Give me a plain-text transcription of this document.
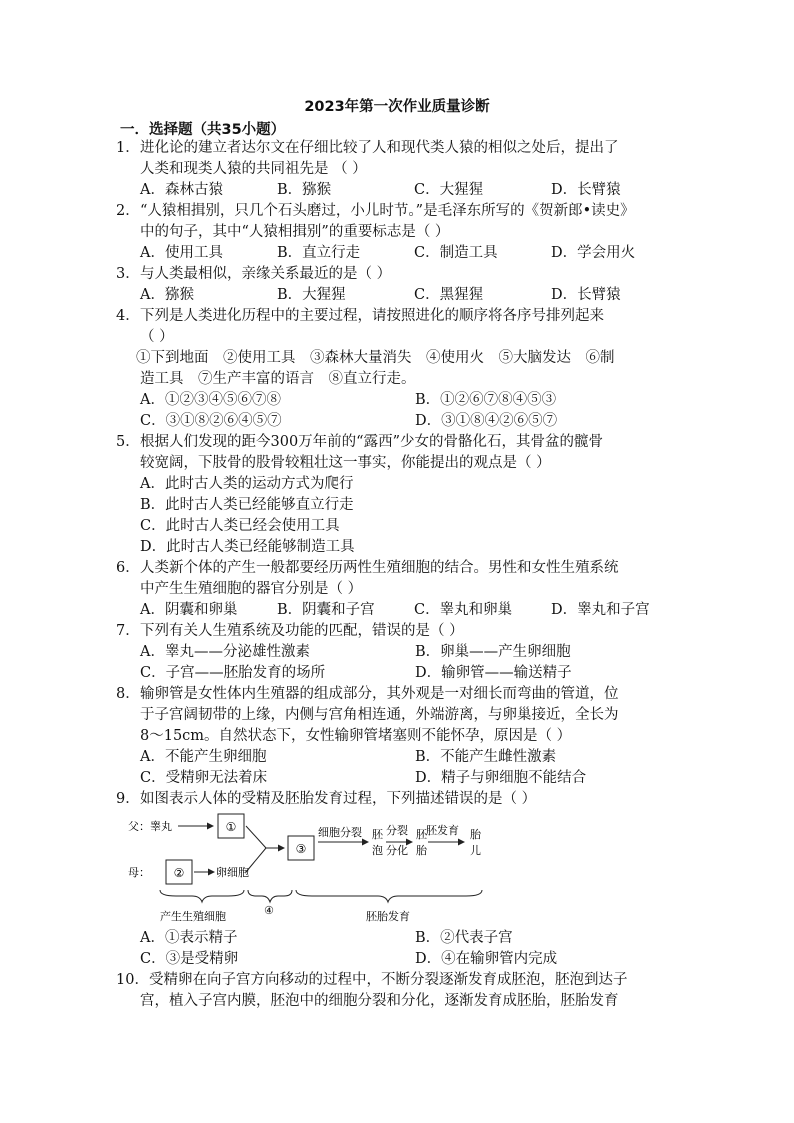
2023年第一次作业质量诊断
一．选择题（共35小题）
1． 进化论的建立者达尔文在仔细比较了人和现代类人猿的相似之处后，提出了
人类和现类人猿的共同祖先是 （ ）
A．森林古猿	B．猕猴	C．大猩猩	D．长臂猿
2． “人猿相揖别，只几个石头磨过，小儿时节。”是毛泽东所写的《贺新郎•读史》
中的句子，其中“人猿相揖别”的重要标志是（ ）
A．使用工具	B．直立行走	C．制造工具	D．学会用火
3． 与人类最相似，亲缘关系最近的是（ ）
A．猕猴	B．大猩猩	C．黑猩猩	D．长臂猿
4． 下列是人类进化历程中的主要过程，请按照进化的顺序将各序号排列起来
（ ）
①下到地面　②使用工具　③森林大量消失　④使用火　⑤大脑发达　⑥制
造工具　⑦生产丰富的语言　⑧直立行走。
A．①②③④⑤⑥⑦⑧	B．①②⑥⑦⑧④⑤③
C．③①⑧②⑥④⑤⑦	D．③①⑧④②⑥⑤⑦
5． 根据人们发现的距今300万年前的“露西”少女的骨骼化石，其骨盆的髋骨
较宽阔，下肢骨的股骨较粗壮这一事实，你能提出的观点是（ ）
A．此时古人类的运动方式为爬行
B．此时古人类已经能够直立行走
C．此时古人类已经会使用工具
D．此时古人类已经能够制造工具
6． 人类新个体的产生一般都要经历两性生殖细胞的结合。男性和女性生殖系统
中产生生殖细胞的器官分别是（ ）
A．阴囊和卵巢	B．阴囊和子宫	C．睾丸和卵巢	D．睾丸和子宫
7． 下列有关人生殖系统及功能的匹配，错误的是（ ）
A．睾丸——分泌雄性激素	B．卵巢——产生卵细胞
C．子宫——胚胎发育的场所	D．输卵管——输送精子
8． 输卵管是女性体内生殖器的组成部分，其外观是一对细长而弯曲的管道，位
于子宫阔韧带的上缘，内侧与宫角相连通，外端游离，与卵巢接近，全长为
8～15cm。自然状态下，女性输卵管堵塞则不能怀孕，原因是（ ）
A．不能产生卵细胞	B．不能产生雌性激素
C．受精卵无法着床	D．精子与卵细胞不能结合
9． 如图表示人体的受精及胚胎发育过程，下列描述错误的是（ ）
父：睾丸	①
③
细胞分裂 胚
泡
分裂
分化
胚
胎
胚发育 胎
儿
母： ②	卵细胞
产生生殖细胞	④	胚胎发育
A．①表示精子	B．②代表子宫
C．③是受精卵	D．④在输卵管内完成
10． 受精卵在向子宫方向移动的过程中，不断分裂逐渐发育成胚泡，胚泡到达子
宫，植入子宫内膜，胚泡中的细胞分裂和分化，逐渐发育成胚胎，胚胎发育
